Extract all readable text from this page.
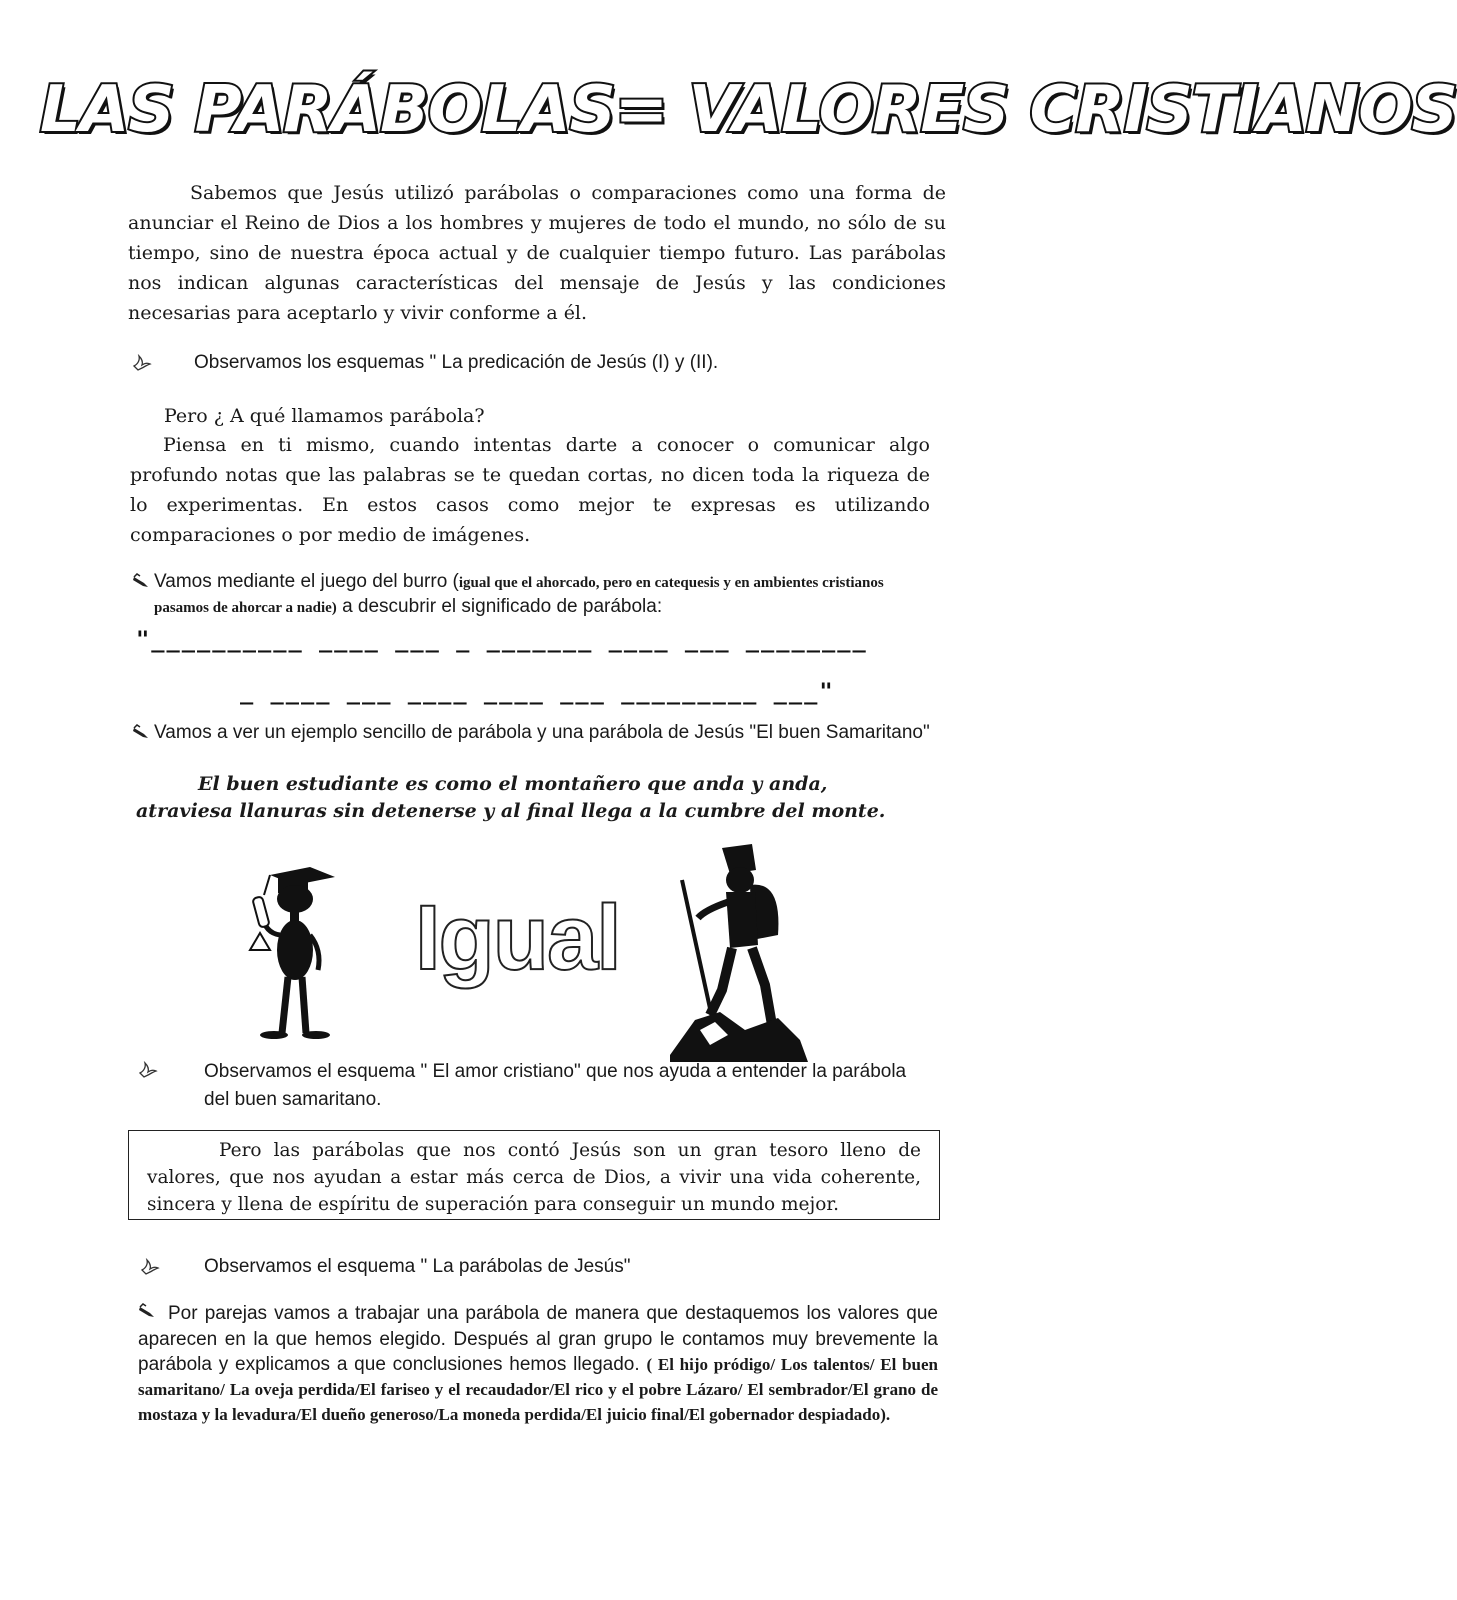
LAS PARÁBOLAS= VALORES CRISTIANOS
Sabemos que Jesús utilizó parábolas o comparaciones como una forma de anunciar el Reino de Dios a los hombres y mujeres de todo el mundo, no sólo de su tiempo, sino de nuestra época actual y de cualquier tiempo futuro. Las parábolas nos indican algunas características del mensaje de Jesús y las condiciones necesarias para aceptarlo y vivir conforme a él.
Observamos los esquemas " La predicación de Jesús (I) y (II).
Pero ¿ A qué llamamos parábola?
Piensa en ti mismo, cuando intentas darte a conocer o comunicar algo profundo notas que las palabras se te quedan cortas, no dicen toda la riqueza de lo experimentas. En estos casos como mejor te expresas es utilizando comparaciones o por medio de imágenes.
Vamos mediante el juego del burro (igual que el ahorcado, pero en catequesis y en ambientes cristianos pasamos de ahorcar a nadie) a descubrir el significado de parábola:
"__________ ____ ___ _ _______ ____ ___ ________
_ ____ ___ ____ ____ ___ _________ ___"
Vamos a ver un ejemplo sencillo de parábola y una parábola de Jesús "El buen Samaritano"
El buen estudiante es como el montañero que anda y anda,
atraviesa llanuras sin detenerse y al final llega a la cumbre del monte.
Igual
Observamos el esquema " El amor cristiano" que nos ayuda a entender la parábola del buen samaritano.
Pero las parábolas que nos contó Jesús son un gran tesoro lleno de valores, que nos ayudan a estar más cerca de Dios, a vivir una vida coherente, sincera y llena de espíritu de superación para conseguir un mundo mejor.
Observamos el esquema " La parábolas de Jesús"
Por parejas vamos a trabajar una parábola de manera que destaquemos los valores que aparecen en la que hemos elegido. Después al gran grupo le contamos muy brevemente la parábola y explicamos a que conclusiones hemos llegado. ( El hijo pródigo/ Los talentos/ El buen samaritano/ La oveja perdida/El fariseo y el recaudador/El rico y el pobre Lázaro/ El sembrador/El grano de mostaza y la levadura/El dueño generoso/La moneda perdida/El juicio final/El gobernador despiadado).
